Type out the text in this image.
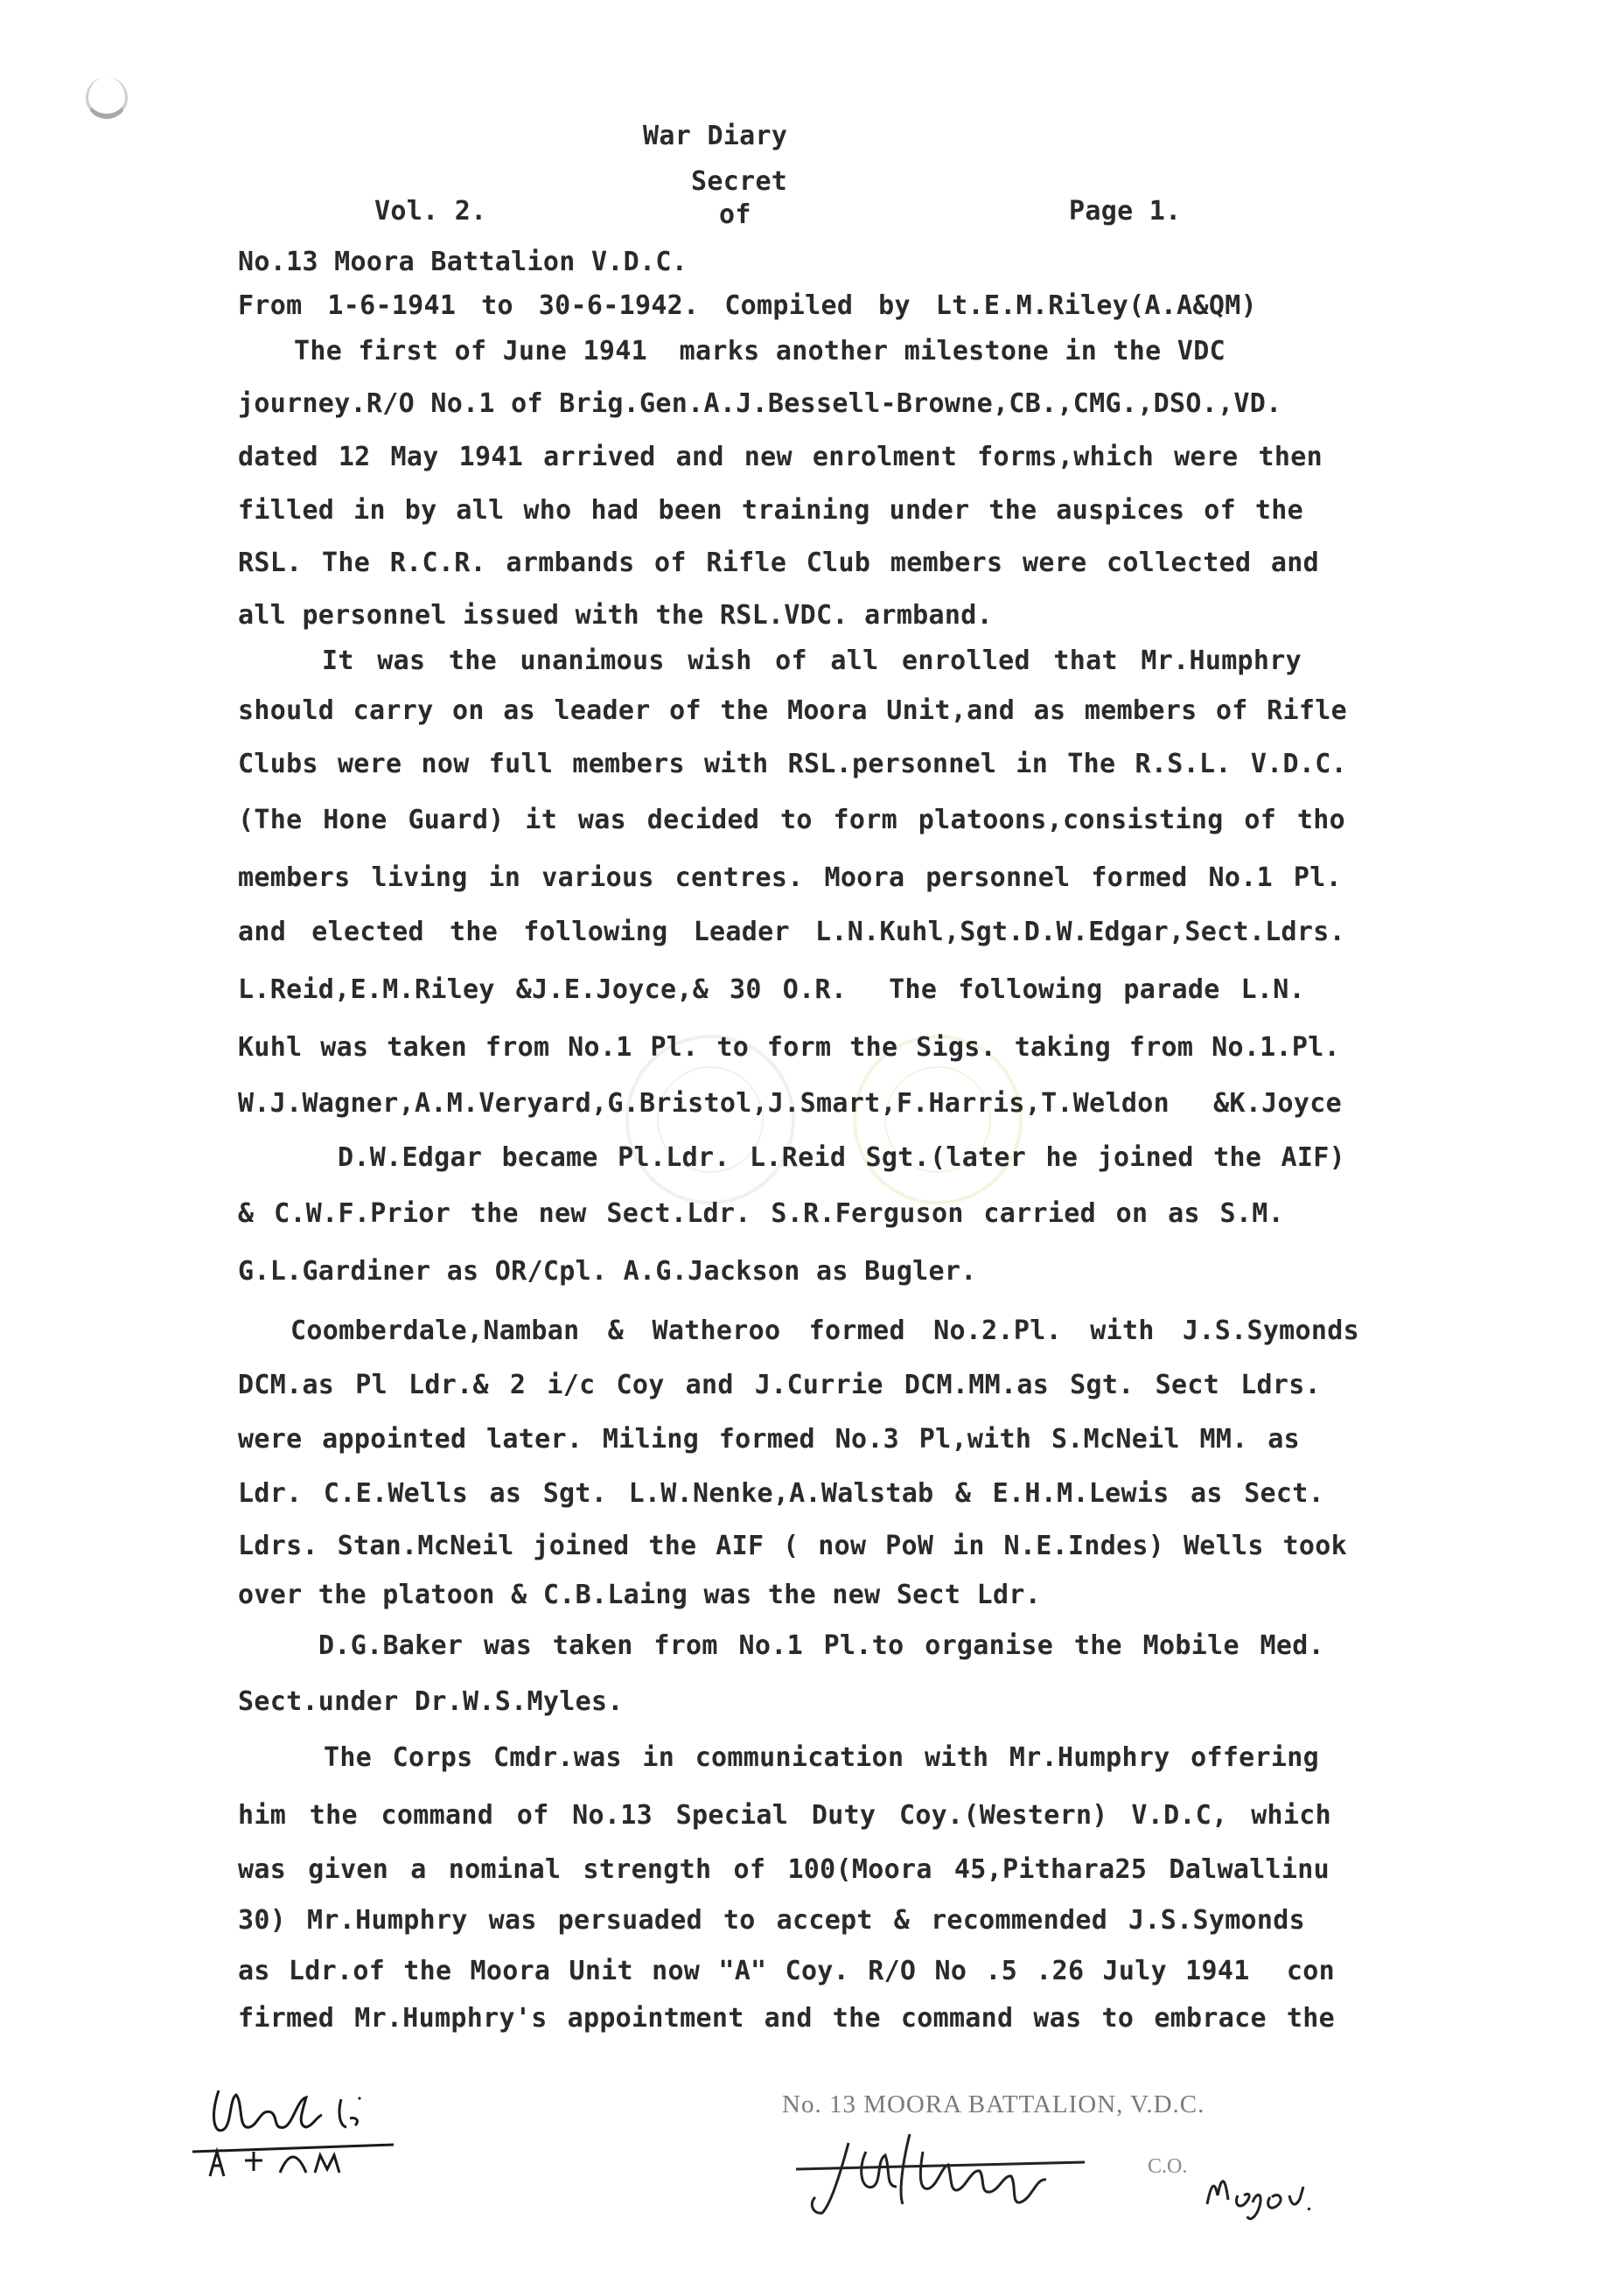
War Diary
Secret
Vol. 2.	of	Page 1.
No.13 Moora Battalion V.D.C.
From 1-6-1941 to 30-6-1942. Compiled by Lt.E.M.Riley(A.A&QM)
The first of June 1941  marks another milestone in the VDC
journey.R/O No.1 of Brig.Gen.A.J.Bessell-Browne,CB.,CMG.,DSO.,VD.
dated 12 May 1941 arrived and new enrolment forms,which were then
filled in by all who had been training under the auspices of the
RSL. The R.C.R. armbands of Rifle Club members were collected and
all personnel issued with the RSL.VDC. armband.
It was the unanimous wish of all enrolled that Mr.Humphry
should carry on as leader of the Moora Unit,and as members of Rifle
Clubs were now full members with RSL.personnel in The R.S.L. V.D.C.
(The Hone Guard) it was decided to form platoons,consisting of tho
members living in various centres. Moora personnel formed No.1 Pl.
and elected the following Leader L.N.Kuhl,Sgt.D.W.Edgar,Sect.Ldrs.
L.Reid,E.M.Riley &J.E.Joyce,& 30 O.R.  The following parade L.N.
Kuhl was taken from No.1 Pl. to form the Sigs. taking from No.1.Pl.
W.J.Wagner,A.M.Veryard,G.Bristol,J.Smart,F.Harris,T.Weldon &K.Joyce
D.W.Edgar became Pl.Ldr. L.Reid Sgt.(later he joined the AIF)
& C.W.F.Prior the new Sect.Ldr. S.R.Ferguson carried on as S.M.
G.L.Gardiner as OR/Cpl. A.G.Jackson as Bugler.
Coomberdale,Namban & Watheroo formed No.2.Pl. with J.S.Symonds
DCM.as Pl Ldr.& 2 i/c Coy and J.Currie DCM.MM.as Sgt. Sect Ldrs.
were appointed later. Miling formed No.3 Pl,with S.McNeil MM. as
Ldr. C.E.Wells as Sgt. L.W.Nenke,A.Walstab & E.H.M.Lewis as Sect.
Ldrs. Stan.McNeil joined the AIF ( now PoW in N.E.Indes) Wells took
over the platoon & C.B.Laing was the new Sect Ldr.
D.G.Baker was taken from No.1 Pl.to organise the Mobile Med.
Sect.under Dr.W.S.Myles.
The Corps Cmdr.was in communication with Mr.Humphry offering
him the command of No.13 Special Duty Coy.(Western) V.D.C, which
was given a nominal strength of 100(Moora 45,Pithara25 Dalwallinu
30) Mr.Humphry was persuaded to accept & recommended J.S.Symonds
as Ldr.of the Moora Unit now "A" Coy. R/O No .5 .26 July 1941  con
firmed Mr.Humphry's appointment and the command was to embrace the
No. 13 MOORA BATTALION, V.D.C.
C.O.
